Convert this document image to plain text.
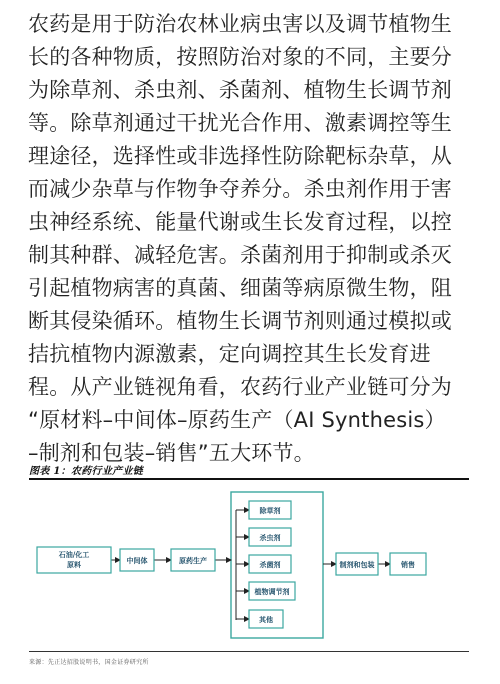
农药是用于防治农林业病虫害以及调节植物生
长的各种物质，按照防治对象的不同，主要分
为除草剂、杀虫剂、杀菌剂、植物生长调节剂
等。除草剂通过干扰光合作用、激素调控等生
理途径，选择性或非选择性防除靶标杂草，从
而减少杂草与作物争夺养分。杀虫剂作用于害
虫神经系统、能量代谢或生长发育过程，以控
制其种群、减轻危害。杀菌剂用于抑制或杀灭
引起植物病害的真菌、细菌等病原微生物，阻
断其侵染循环。植物生长调节剂则通过模拟或
拮抗植物内源激素，定向调控其生长发育进
程。从产业链视角看，农药行业产业链可分为
“原材料–中间体–原药生产（AI Synthesis）
–制剂和包装–销售”五大环节。
图表 1：农药行业产业链
石油/化工
原料	中间体	原药生产
除草剂
杀虫剂
杀菌剂
植物调节剂
其他
制剂和包装	销售
来源：先正达招股说明书，国金证券研究所
